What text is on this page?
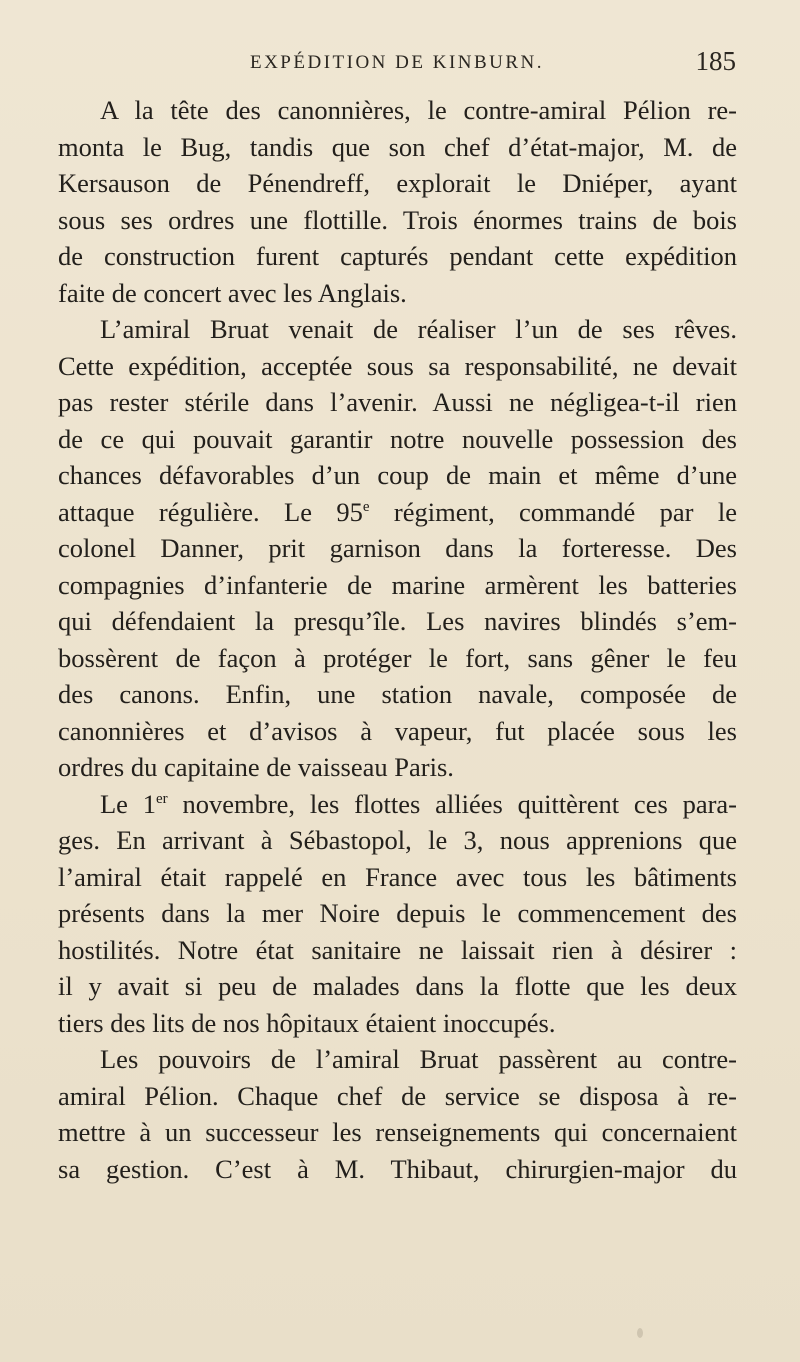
EXPÉDITION DE KINBURN.	185
A la tête des canonnières, le contre-amiral Pélion re-
monta le Bug, tandis que son chef d’état-major, M. de
Kersauson de Pénendreff, explorait le Dniéper, ayant
sous ses ordres une flottille. Trois énormes trains de bois
de construction furent capturés pendant cette expédition
faite de concert avec les Anglais.
L’amiral Bruat venait de réaliser l’un de ses rêves.
Cette expédition, acceptée sous sa responsabilité, ne devait
pas rester stérile dans l’avenir. Aussi ne négligea-t-il rien
de ce qui pouvait garantir notre nouvelle possession des
chances défavorables d’un coup de main et même d’une
attaque régulière. Le 95e régiment, commandé par le
colonel Danner, prit garnison dans la forteresse. Des
compagnies d’infanterie de marine armèrent les batteries
qui défendaient la presqu’île. Les navires blindés s’em-
bossèrent de façon à protéger le fort, sans gêner le feu
des canons. Enfin, une station navale, composée de
canonnières et d’avisos à vapeur, fut placée sous les
ordres du capitaine de vaisseau Paris.
Le 1er novembre, les flottes alliées quittèrent ces para-
ges. En arrivant à Sébastopol, le 3, nous apprenions que
l’amiral était rappelé en France avec tous les bâtiments
présents dans la mer Noire depuis le commencement des
hostilités. Notre état sanitaire ne laissait rien à désirer :
il y avait si peu de malades dans la flotte que les deux
tiers des lits de nos hôpitaux étaient inoccupés.
Les pouvoirs de l’amiral Bruat passèrent au contre-
amiral Pélion. Chaque chef de service se disposa à re-
mettre à un successeur les renseignements qui concernaient
sa gestion. C’est à M. Thibaut, chirurgien-major du
